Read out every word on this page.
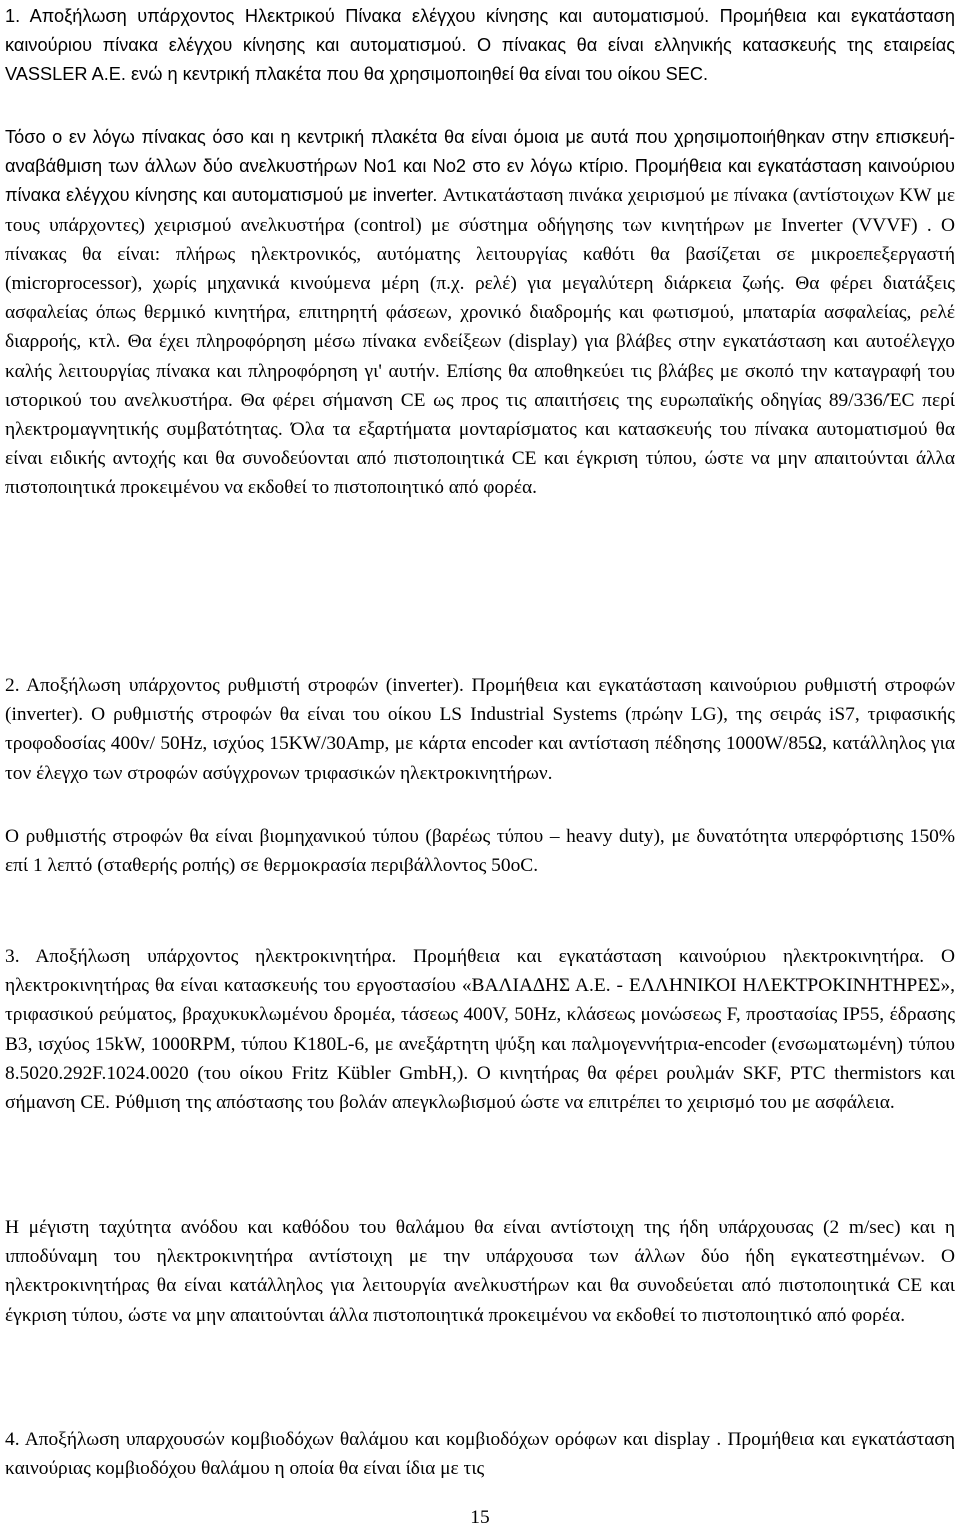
1. Αποξήλωση υπάρχοντος Ηλεκτρικού Πίνακα ελέγχου κίνησης και αυτοματισμού. Προμήθεια και εγκατάσταση καινούριου πίνακα ελέγχου κίνησης και αυτοματισμού. Ο πίνακας θα είναι ελληνικής κατασκευής της εταιρείας VASSLER A.E. ενώ η κεντρική πλακέτα που θα χρησιμοποιηθεί θα είναι του οίκου SEC.

Τόσο ο εν λόγω πίνακας όσο και η κεντρική πλακέτα θα είναι όμοια με αυτά που χρησιμοποιήθηκαν στην επισκευή-αναβάθμιση των άλλων δύο ανελκυστήρων Νο1 και Νο2 στο εν λόγω κτίριο. Προμήθεια και εγκατάσταση καινούριου πίνακα ελέγχου κίνησης και αυτοματισμού με inverter. Αντικατάσταση πινάκα χειρισμού με πίνακα (αντίστοιχων KW με τους υπάρχοντες) χειρισμού ανελκυστήρα (control) με σύστημα οδήγησης των κινητήρων με Inverter (VVVF) . Ο πίνακας θα είναι: πλήρως ηλεκτρονικός, αυτόματης λειτουργίας καθότι θα βασίζεται σε μικροεπεξεργαστή (microprocessor), χωρίς μηχανικά κινούμενα μέρη (π.χ. ρελέ) για μεγαλύτερη διάρκεια ζωής. Θα φέρει διατάξεις ασφαλείας όπως θερμικό κινητήρα, επιτηρητή φάσεων, χρονικό διαδρομής και φωτισμού, μπαταρία ασφαλείας, ρελέ διαρροής, κτλ. Θα έχει πληροφόρηση μέσω πίνακα ενδείξεων (display) για βλάβες στην εγκατάσταση και αυτοέλεγχο καλής λειτουργίας πίνακα και πληροφόρηση γι' αυτήν. Επίσης θα αποθηκεύει τις βλάβες με σκοπό την καταγραφή του ιστορικού του ανελκυστήρα. Θα φέρει σήμανση CE ως προς τις απαιτήσεις της ευρωπαϊκής οδηγίας 89/336/ΈC περί ηλεκτρομαγνητικής συμβατότητας. Όλα τα εξαρτήματα μονταρίσματος και κατασκευής του πίνακα αυτοματισμού θα είναι ειδικής αντοχής και θα συνοδεύονται από πιστοποιητικά CE και έγκριση τύπου, ώστε να μην απαιτούνται άλλα πιστοποιητικά προκειμένου να εκδοθεί το πιστοποιητικό από φορέα.

2. Αποξήλωση υπάρχοντος ρυθμιστή στροφών (inverter). Προμήθεια και εγκατάσταση καινούριου ρυθμιστή στροφών (inverter). Ο ρυθμιστής στροφών θα είναι του οίκου LS Industrial Systems (πρώην LG), της σειράς iS7, τριφασικής τροφοδοσίας 400v/ 50Hz, ισχύος 15KW/30Amp, με κάρτα encoder και αντίσταση πέδησης 1000W/85Ω, κατάλληλος για τον έλεγχο των στροφών ασύγχρονων τριφασικών ηλεκτροκινητήρων.

Ο ρυθμιστής στροφών θα είναι βιομηχανικού τύπου (βαρέως τύπου – heavy duty), με δυνατότητα υπερφόρτισης 150% επί 1 λεπτό (σταθερής ροπής) σε θερμοκρασία περιβάλλοντος 50oC.

3. Αποξήλωση υπάρχοντος ηλεκτροκινητήρα. Προμήθεια και εγκατάσταση καινούριου ηλεκτροκινητήρα. Ο ηλεκτροκινητήρας θα είναι κατασκευής του εργοστασίου «ΒΑΛΙΑ∆ΗΣ Α.Ε. - ΕΛΛΗΝΙΚΟΙ ΗΛΕΚΤΡΟΚΙΝΗΤΗΡΕΣ», τριφασικού ρεύματος, βραχυκυκλωμένου δρομέα, τάσεως 400V, 50Hz, κλάσεως μονώσεως F, προστασίας IP55, έδρασης B3, ισχύος 15kW, 1000RPM, τύπου K180L-6, με ανεξάρτητη ψύξη και παλμογεννήτρια-encoder (ενσωματωμένη) τύπου 8.5020.292F.1024.0020 (του οίκου Fritz Kübler GmbH,). Ο κινητήρας θα φέρει ρουλμάν SKF, PTC thermistors και σήμανση CE. Ρύθμιση της απόστασης του βολάν απεγκλωβισμού ώστε να επιτρέπει το χειρισμό του με ασφάλεια.

Η μέγιστη ταχύτητα ανόδου και καθόδου του θαλάμου θα είναι αντίστοιχη της ήδη υπάρχουσας (2 m/sec) και η ιπποδύναμη του ηλεκτροκινητήρα αντίστοιχη με την υπάρχουσα των άλλων δύο ήδη εγκατεστημένων. Ο ηλεκτροκινητήρας θα είναι κατάλληλος για λειτουργία ανελκυστήρων και θα συνοδεύεται από πιστοποιητικά CE και έγκριση τύπου, ώστε να μην απαιτούνται άλλα πιστοποιητικά προκειμένου να εκδοθεί το πιστοποιητικό από φορέα.

4. Αποξήλωση υπαρχουσών κομβιοδόχων θαλάμου και κομβιοδόχων ορόφων και display . Προμήθεια και εγκατάσταση καινούριας κομβιοδόχου θαλάμου η οποία θα είναι ίδια με τις

15
